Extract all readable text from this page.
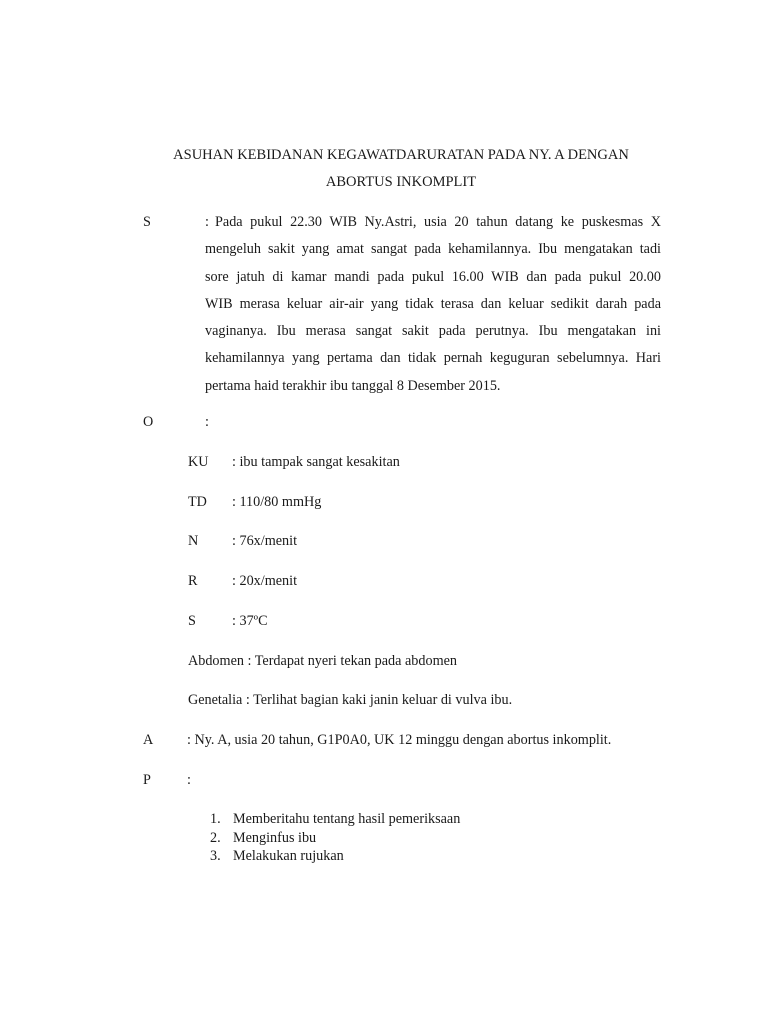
ASUHAN KEBIDANAN KEGAWATDARURATAN PADA NY. A DENGAN
ABORTUS INKOMPLIT
S	: Pada pukul 22.30 WIB Ny.Astri, usia 20 tahun datang ke puskesmas X
mengeluh sakit yang amat sangat pada kehamilannya. Ibu mengatakan tadi
sore jatuh di kamar mandi pada pukul 16.00 WIB dan pada pukul 20.00
WIB merasa keluar air-air yang tidak terasa dan keluar sedikit darah pada
vaginanya. Ibu merasa sangat sakit pada perutnya. Ibu mengatakan ini
kehamilannya yang pertama dan tidak pernah keguguran sebelumnya. Hari
pertama haid terakhir ibu tanggal 8 Desember 2015.
O	:
KU : ibu tampak sangat kesakitan
TD : 110/80 mmHg
N : 76x/menit
R : 20x/menit
S	: 37ºC
Abdomen : Terdapat nyeri tekan pada abdomen
Genetalia : Terlihat bagian kaki janin keluar di vulva ibu.
A : Ny. A, usia 20 tahun, G1P0A0, UK 12 minggu dengan abortus inkomplit.
P	:
1. Memberitahu tentang hasil pemeriksaan
2. Menginfus ibu
3. Melakukan rujukan
